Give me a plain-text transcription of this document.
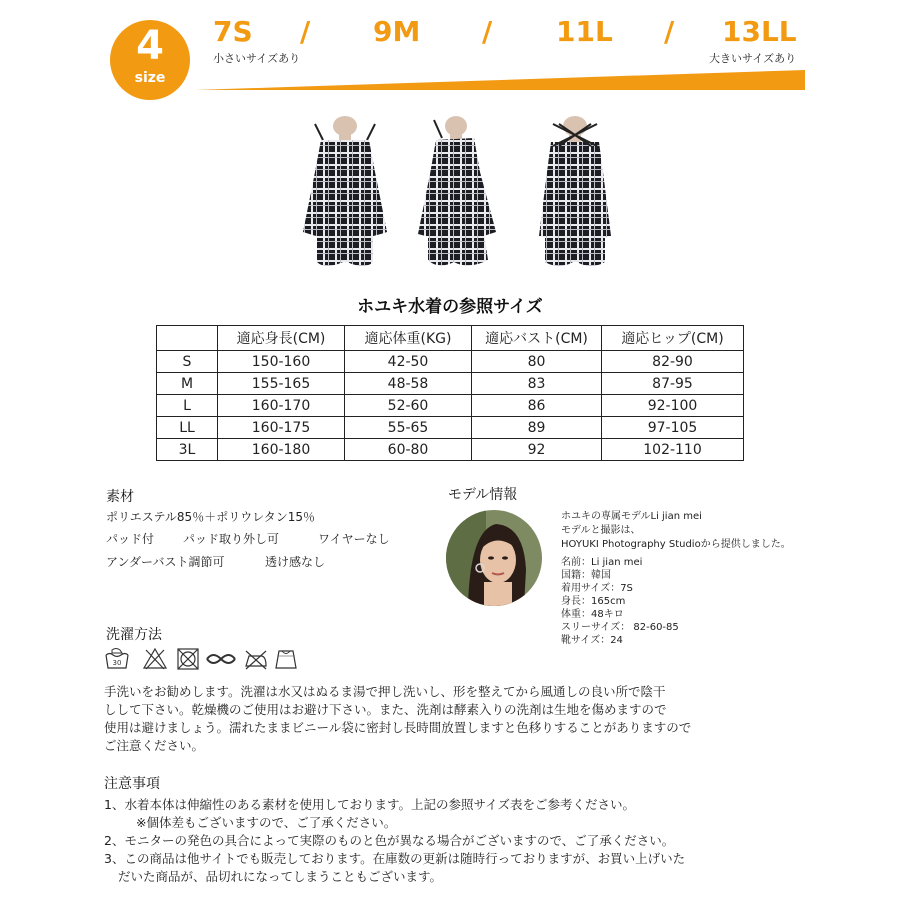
4
size
7S / 9M / 11L / 13LL
小さいサイズあり	大きいサイズあり
ホユキ水着の参照サイズ
	適応身長(CM)	適応体重(KG)	適応バスト(CM)	適応ヒップ(CM)
S	150-160	42-50	80	82-90
M	155-165	48-58	83	87-95
L	160-170	52-60	86	92-100
LL	160-175	55-65	89	97-105
3L	160-180	60-80	92	102-110
素材
ポリエステル85％＋ポリウレタン15％
パッド付 パッド取り外し可	ワイヤーなし
アンダーバスト調節可	透け感なし
モデル情報
ホユキの専属モデルLi jian mei
モデルと撮影は、
HOYUKI Photography Studioから提供しました。
名前：Li jian mei
国籍：韓国
着用サイズ：7S
身長：165cm
体重：48キロ
スリーサイズ： 82-60-85
靴サイズ：24
洗濯方法
30
手洗いをお勧めします。洗濯は水又はぬるま湯で押し洗いし、形を整えてから風通しの良い所で陰干
しして下さい。乾燥機のご使用はお避け下さい。また、洗剤は酵素入りの洗剤は生地を傷めますので
使用は避けましょう。濡れたままビニール袋に密封し長時間放置しますと色移りすることがありますので
ご注意ください。
注意事項
1、水着本体は伸縮性のある素材を使用しております。上記の参照サイズ表をご参考ください。
※個体差もございますので、ご了承ください。
2、モニターの発色の具合によって実際のものと色が異なる場合がございますので、ご了承ください。
3、この商品は他サイトでも販売しております。在庫数の更新は随時行っておりますが、お買い上げいた
だいた商品が、品切れになってしまうこともございます。
